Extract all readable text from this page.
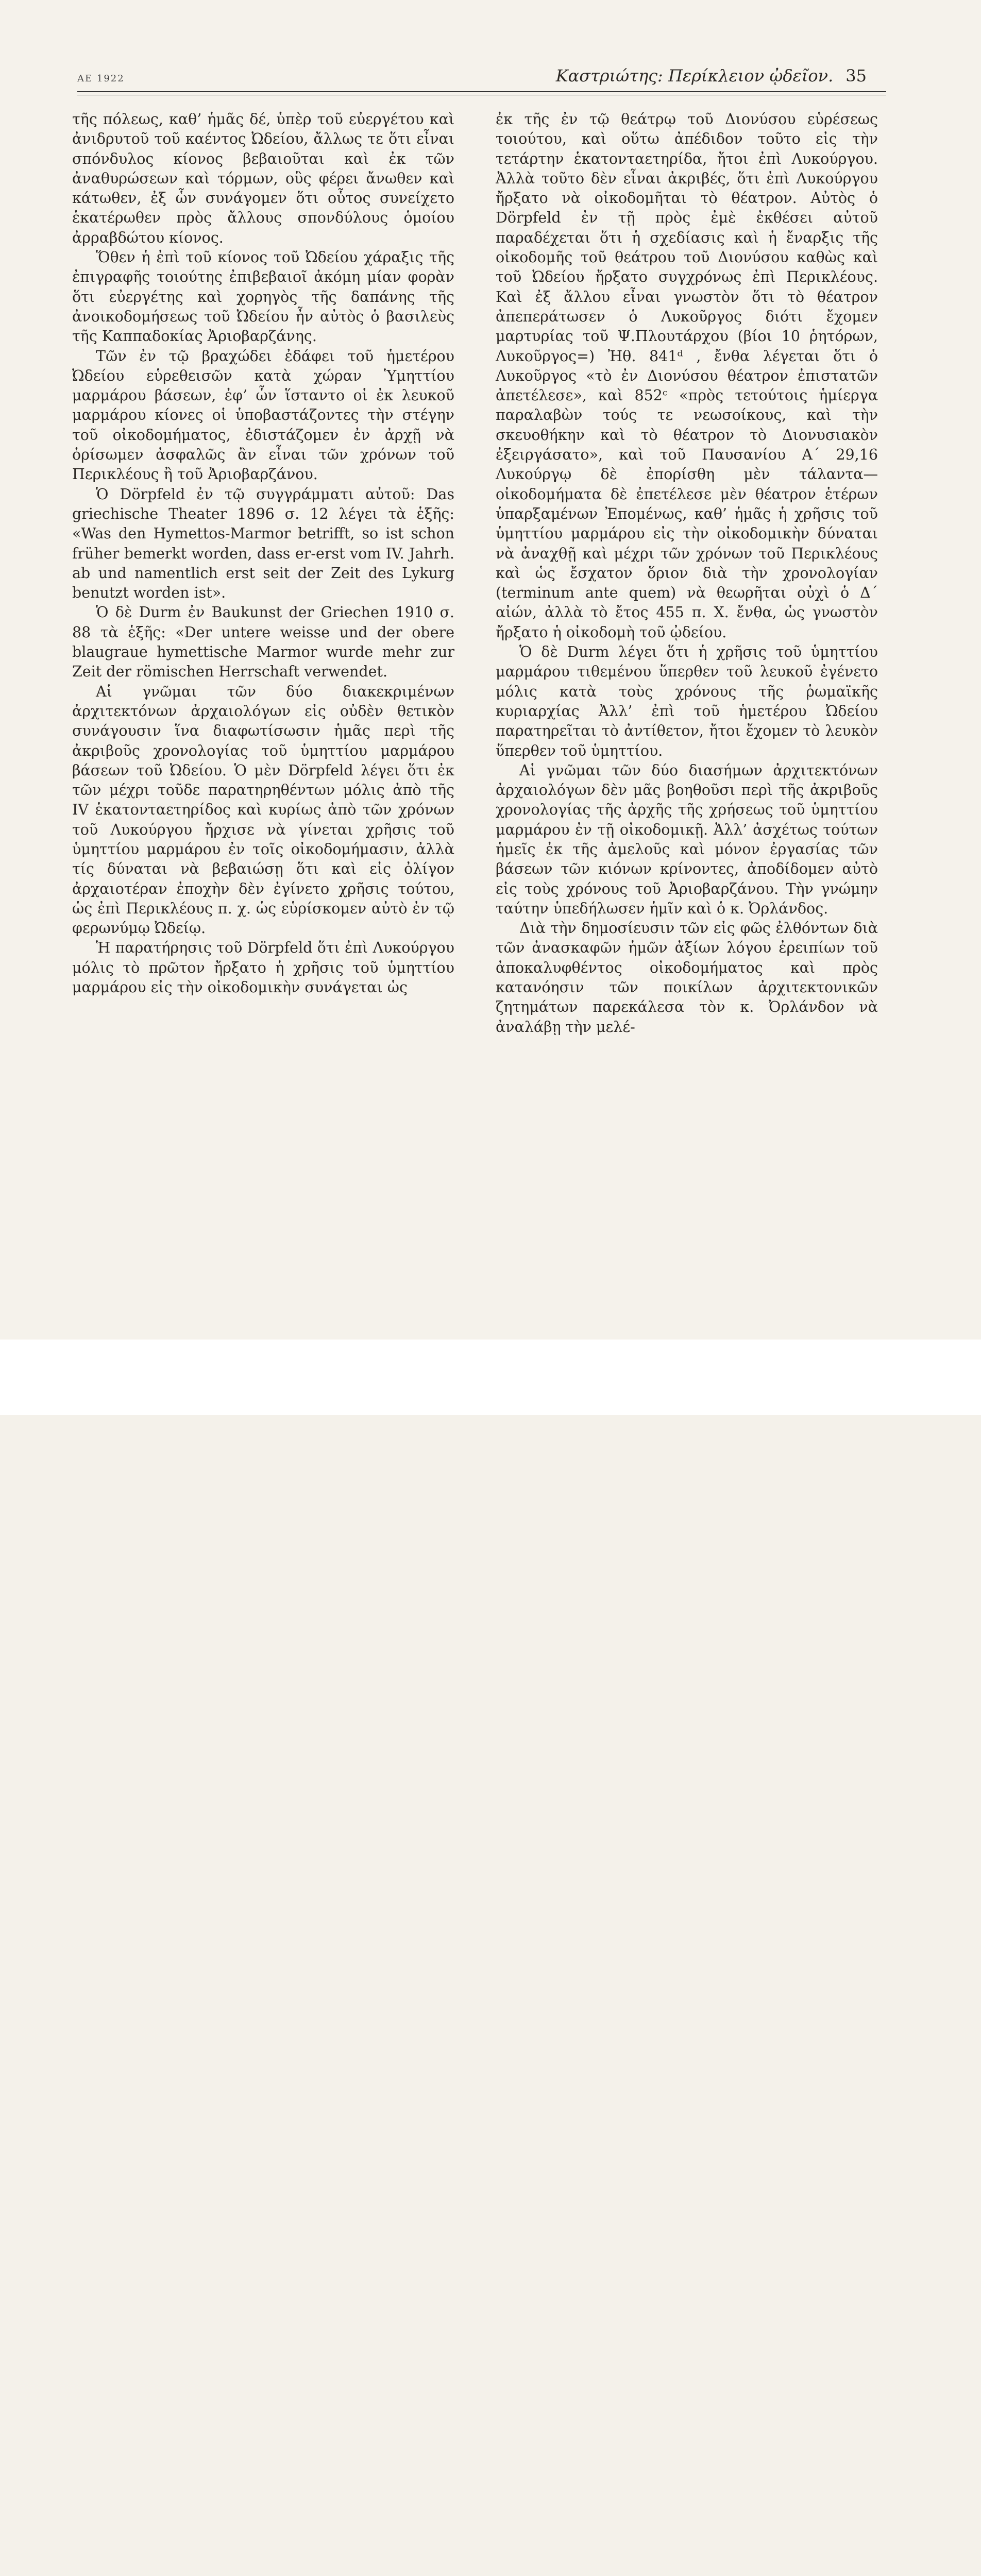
ΑΕ 1922	Καστριώτης: Περίκλειον ᾠδεῖον. 35

τῆς πόλεως, καθ’ ἡμᾶς δέ, ὑπὲρ τοῦ εὐεργέτου καὶ ἀνιδρυτοῦ τοῦ καέντος Ὠδείου, ἄλλως τε ὅτι εἶναι σπόνδυλος κίονος βεβαιοῦται καὶ ἐκ τῶν ἀναθυρώσεων καὶ τόρμων, οὓς φέρει ἄνωθεν καὶ κάτωθεν, ἐξ ὧν συνάγομεν ὅτι οὗτος συνείχετο ἑκατέρωθεν πρὸς ἄλλους σπονδύλους ὁμοίου ἀρραβδώτου κίονος.

Ὅθεν ἡ ἐπὶ τοῦ κίονος τοῦ Ὠδείου χάραξις τῆς ἐπιγραφῆς τοιούτης ἐπιβεβαιοῖ ἀκόμη μίαν φορὰν ὅτι εὐεργέτης καὶ χορηγὸς τῆς δαπάνης τῆς ἀνοικοδομήσεως τοῦ Ὠδείου ἦν αὐτὸς ὁ βασιλεὺς τῆς Καππαδοκίας Ἀριοβαρζάνης.

Τῶν ἐν τῷ βραχώδει ἐδάφει τοῦ ἡμετέρου Ὠδείου εὑρεθεισῶν κατὰ χώραν Ὑμηττίου μαρμάρου βάσεων, ἐφ’ ὧν ἵσταντο οἱ ἐκ λευκοῦ μαρμάρου κίονες οἱ ὑποβαστάζοντες τὴν στέγην τοῦ οἰκοδομήματος, ἐδιστάζομεν ἐν ἀρχῇ νὰ ὁρίσωμεν ἀσφαλῶς ἂν εἶναι τῶν χρόνων τοῦ Περικλέους ἢ τοῦ Ἀριοβαρζάνου.

Ὁ Dörpfeld ἐν τῷ συγγράμματι αὐτοῦ: Das griechische Theater 1896 σ. 12 λέγει τὰ ἑξῆς: «Was den Hymettos-Marmor betrifft, so ist schon früher bemerkt worden, dass er-erst vom IV. Jahrh. ab und namentlich erst seit der Zeit des Lykurg benutzt worden ist».

Ὁ δὲ Durm ἐν Baukunst der Griechen 1910 σ. 88 τὰ ἑξῆς: «Der untere weisse und der obere blaugraue hymettische Marmor wurde mehr zur Zeit der römischen Herrschaft verwendet.

Αἱ γνῶμαι τῶν δύο διακεκριμένων ἀρχιτεκτόνων ἀρχαιολόγων εἰς οὐδὲν θετικὸν συνάγουσιν ἵνα διαφωτίσωσιν ἡμᾶς περὶ τῆς ἀκριβοῦς χρονολογίας τοῦ ὑμηττίου μαρμάρου βάσεων τοῦ Ὠδείου. Ὁ μὲν Dörpfeld λέγει ὅτι ἐκ τῶν μέχρι τοῦδε παρατηρηθέντων μόλις ἀπὸ τῆς IV ἑκατονταετηρίδος καὶ κυρίως ἀπὸ τῶν χρόνων τοῦ Λυκούργου ἤρχισε νὰ γίνεται χρῆσις τοῦ ὑμηττίου μαρμάρου ἐν τοῖς οἰκοδομήμασιν, ἀλλὰ τίς δύναται νὰ βεβαιώσῃ ὅτι καὶ εἰς ὀλίγον ἀρχαιοτέραν ἐποχὴν δὲν ἐγίνετο χρῆσις τούτου, ὡς ἐπὶ Περικλέους π. χ. ὡς εὑρίσκομεν αὐτὸ ἐν τῷ φερωνύμῳ Ὠδείῳ.

Ἡ παρατήρησις τοῦ Dörpfeld ὅτι ἐπὶ Λυκούργου μόλις τὸ πρῶτον ἤρξατο ἡ χρῆσις τοῦ ὑμηττίου μαρμάρου εἰς τὴν οἰκοδομικὴν συνάγεται ὡς

ἐκ τῆς ἐν τῷ θεάτρῳ τοῦ Διονύσου εὑρέσεως τοιούτου, καὶ οὕτω ἀπέδιδον τοῦτο εἰς τὴν τετάρτην ἑκατονταετηρίδα, ἤτοι ἐπὶ Λυκούργου. Ἀλλὰ τοῦτο δὲν εἶναι ἀκριβές, ὅτι ἐπὶ Λυκούργου ἤρξατο νὰ οἰκοδομῆται τὸ θέατρον. Αὐτὸς ὁ Dörpfeld ἐν τῇ πρὸς ἐμὲ ἐκθέσει αὐτοῦ παραδέχεται ὅτι ἡ σχεδίασις καὶ ἡ ἔναρξις τῆς οἰκοδομῆς τοῦ θεάτρου τοῦ Διονύσου καθὼς καὶ τοῦ Ὠδείου ἤρξατο συγχρόνως ἐπὶ Περικλέους. Καὶ ἐξ ἄλλου εἶναι γνωστὸν ὅτι τὸ θέατρον ἀπεπεράτωσεν ὁ Λυκοῦργος διότι ἔχομεν μαρτυρίας τοῦ Ψ.Πλουτάρχου (βίοι 10 ῥητόρων, Λυκοῦργος=) Ἠθ. 841ᵈ , ἔνθα λέγεται ὅτι ὁ Λυκοῦργος «τὸ ἐν Διονύσου θέατρον ἐπιστατῶν ἀπετέλεσε», καὶ 852ᶜ «πρὸς τετούτοις ἡμίεργα παραλαβὼν τούς τε νεωσοίκους, καὶ τὴν σκευοθήκην καὶ τὸ θέατρον τὸ Διονυσιακὸν ἐξειργάσατο», καὶ τοῦ Παυσανίου Α΄ 29,16 Λυκούργῳ δὲ ἐπορίσθη μὲν τάλαντα—οἰκοδομήματα δὲ ἐπετέλεσε μὲν θέατρον ἑτέρων ὑπαρξαμένων Ἐπομένως, καθ’ ἡμᾶς ἡ χρῆσις τοῦ ὑμηττίου μαρμάρου εἰς τὴν οἰκοδομικὴν δύναται νὰ ἀναχθῇ καὶ μέχρι τῶν χρόνων τοῦ Περικλέους καὶ ὡς ἔσχατον ὅριον διὰ τὴν χρονολογίαν (terminum ante quem) νὰ θεωρῆται οὐχὶ ὁ Δ΄ αἰών, ἀλλὰ τὸ ἔτος 455 π. Χ. ἔνθα, ὡς γνωστὸν ἤρξατο ἡ οἰκοδομὴ τοῦ ᾠδείου.

Ὁ δὲ Durm λέγει ὅτι ἡ χρῆσις τοῦ ὑμηττίου μαρμάρου τιθεμένου ὕπερθεν τοῦ λευκοῦ ἐγένετο μόλις κατὰ τοὺς χρόνους τῆς ῥωμαϊκῆς κυριαρχίας Ἀλλ’ ἐπὶ τοῦ ἡμετέρου Ὠδείου παρατηρεῖται τὸ ἀντίθετον, ἤτοι ἔχομεν τὸ λευκὸν ὕπερθεν τοῦ ὑμηττίου.

Αἱ γνῶμαι τῶν δύο διασήμων ἀρχιτεκτόνων ἀρχαιολόγων δὲν μᾶς βοηθοῦσι περὶ τῆς ἀκριβοῦς χρονολογίας τῆς ἀρχῆς τῆς χρήσεως τοῦ ὑμηττίου μαρμάρου ἐν τῇ οἰκοδομικῇ. Ἀλλ’ ἀσχέτως τούτων ἡμεῖς ἐκ τῆς ἀμελοῦς καὶ μόνον ἐργασίας τῶν βάσεων τῶν κιόνων κρίνοντες, ἀποδίδομεν αὐτὸ εἰς τοὺς χρόνους τοῦ Ἀριοβαρζάνου. Τὴν γνώμην ταύτην ὑπεδήλωσεν ἡμῖν καὶ ὁ κ. Ὀρλάνδος.

Διὰ τὴν δημοσίευσιν τῶν εἰς φῶς ἐλθόντων διὰ τῶν ἀνασκαφῶν ἡμῶν ἀξίων λόγου ἐρειπίων τοῦ ἀποκαλυφθέντος οἰκοδομήματος καὶ πρὸς κατανόησιν τῶν ποικίλων ἀρχιτεκτονικῶν ζητημάτων παρεκάλεσα τὸν κ. Ὀρλάνδον νὰ ἀναλάβῃ τὴν μελέ-
